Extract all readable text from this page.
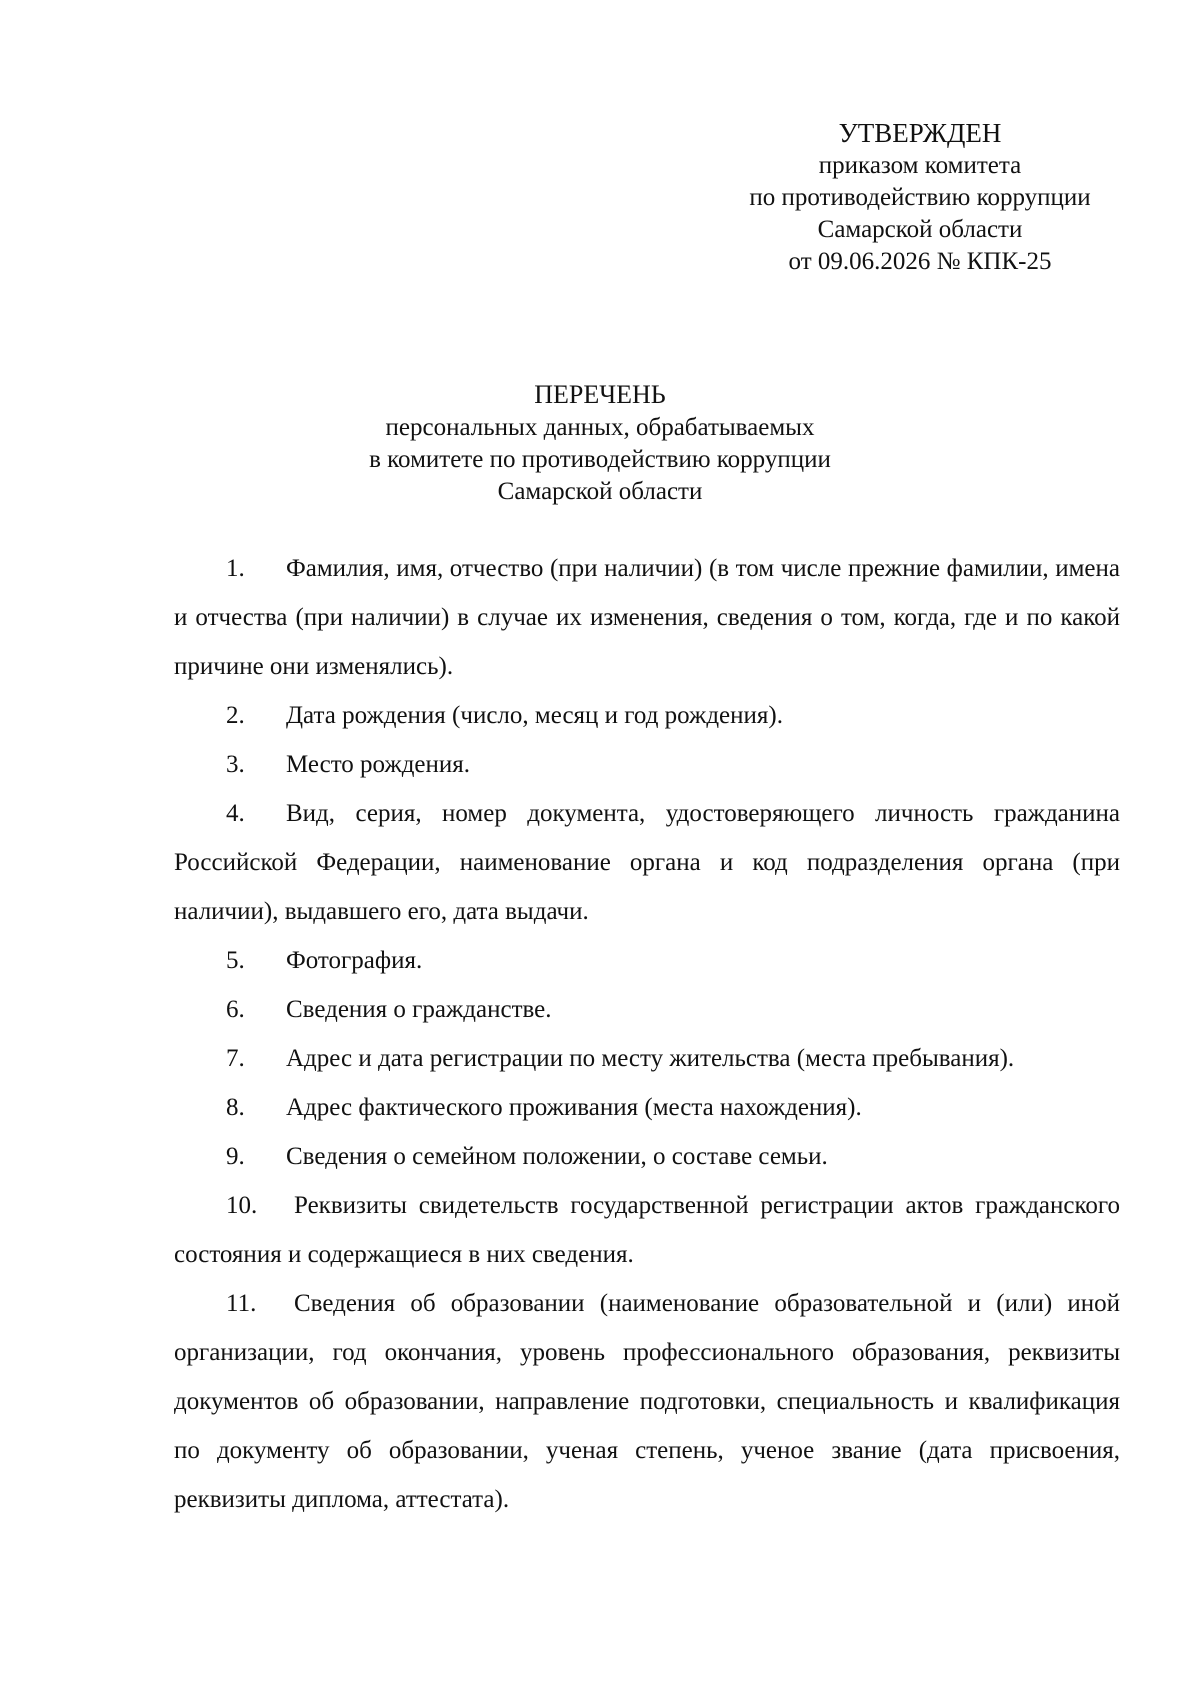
УТВЕРЖДЕН
приказом комитета
по противодействию коррупции
Самарской области
от 09.06.2026 № КПК-25
ПЕРЕЧЕНЬ
персональных данных, обрабатываемых
в комитете по противодействию коррупции
Самарской области

1. Фамилия, имя, отчество (при наличии) (в том числе прежние фамилии, имена и отчества (при наличии) в случае их изменения, сведения о том, когда, где и по какой причине они изменялись).

2. Дата рождения (число, месяц и год рождения).

3. Место рождения.

4. Вид, серия, номер документа, удостоверяющего личность гражданина Российской Федерации, наименование органа и код подразделения органа (при наличии), выдавшего его, дата выдачи.

5. Фотография.

6. Сведения о гражданстве.

7. Адрес и дата регистрации по месту жительства (места пребывания).

8. Адрес фактического проживания (места нахождения).

9. Сведения о семейном положении, о составе семьи.

10. Реквизиты свидетельств государственной регистрации актов гражданского состояния и содержащиеся в них сведения.

11. Сведения об образовании (наименование образовательной и (или) иной организации, год окончания, уровень профессионального образования, реквизиты документов об образовании, направление подготовки, специальность и квалификация по документу об образовании, ученая степень, ученое звание (дата присвоения, реквизиты диплома, аттестата).
